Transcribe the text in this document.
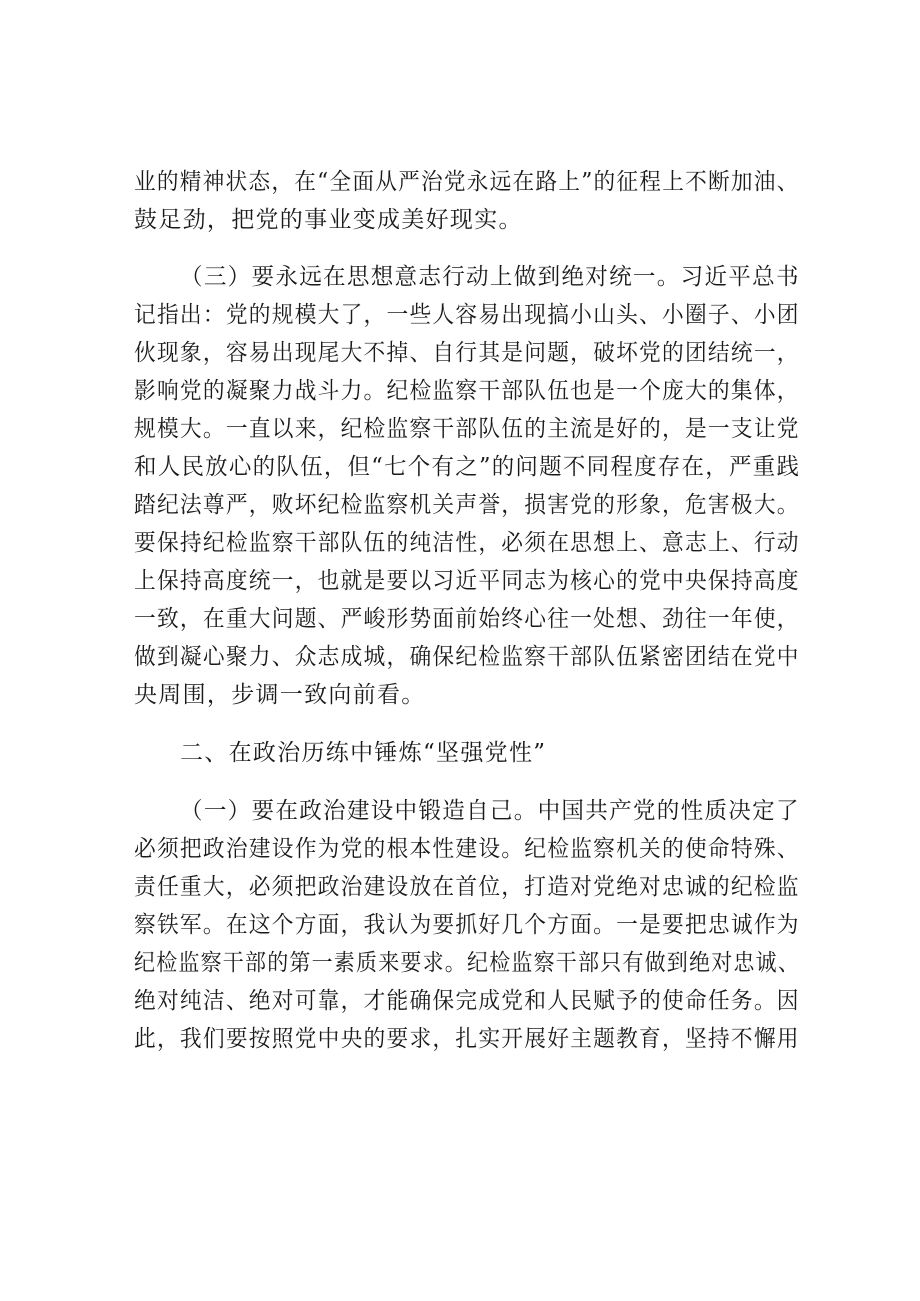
业的精神状态，在“全面从严治党永远在路上”的征程上不断加油、
鼓足劲，把党的事业变成美好现实。
（三）要永远在思想意志行动上做到绝对统一。习近平总书
记指出：党的规模大了，一些人容易出现搞小山头、小圈子、小团
伙现象，容易出现尾大不掉、自行其是问题，破坏党的团结统一，
影响党的凝聚力战斗力。纪检监察干部队伍也是一个庞大的集体，
规模大。一直以来，纪检监察干部队伍的主流是好的，是一支让党
和人民放心的队伍，但“七个有之”的问题不同程度存在，严重践
踏纪法尊严，败坏纪检监察机关声誉，损害党的形象，危害极大。
要保持纪检监察干部队伍的纯洁性，必须在思想上、意志上、行动
上保持高度统一，也就是要以习近平同志为核心的党中央保持高度
一致，在重大问题、严峻形势面前始终心往一处想、劲往一年使，
做到凝心聚力、众志成城，确保纪检监察干部队伍紧密团结在党中
央周围，步调一致向前看。
二、在政治历练中锤炼“坚强党性”
（一）要在政治建设中锻造自己。中国共产党的性质决定了
必须把政治建设作为党的根本性建设。纪检监察机关的使命特殊、
责任重大，必须把政治建设放在首位，打造对党绝对忠诚的纪检监
察铁军。在这个方面，我认为要抓好几个方面。一是要把忠诚作为
纪检监察干部的第一素质来要求。纪检监察干部只有做到绝对忠诚、
绝对纯洁、绝对可靠，才能确保完成党和人民赋予的使命任务。因
此，我们要按照党中央的要求，扎实开展好主题教育，坚持不懈用
